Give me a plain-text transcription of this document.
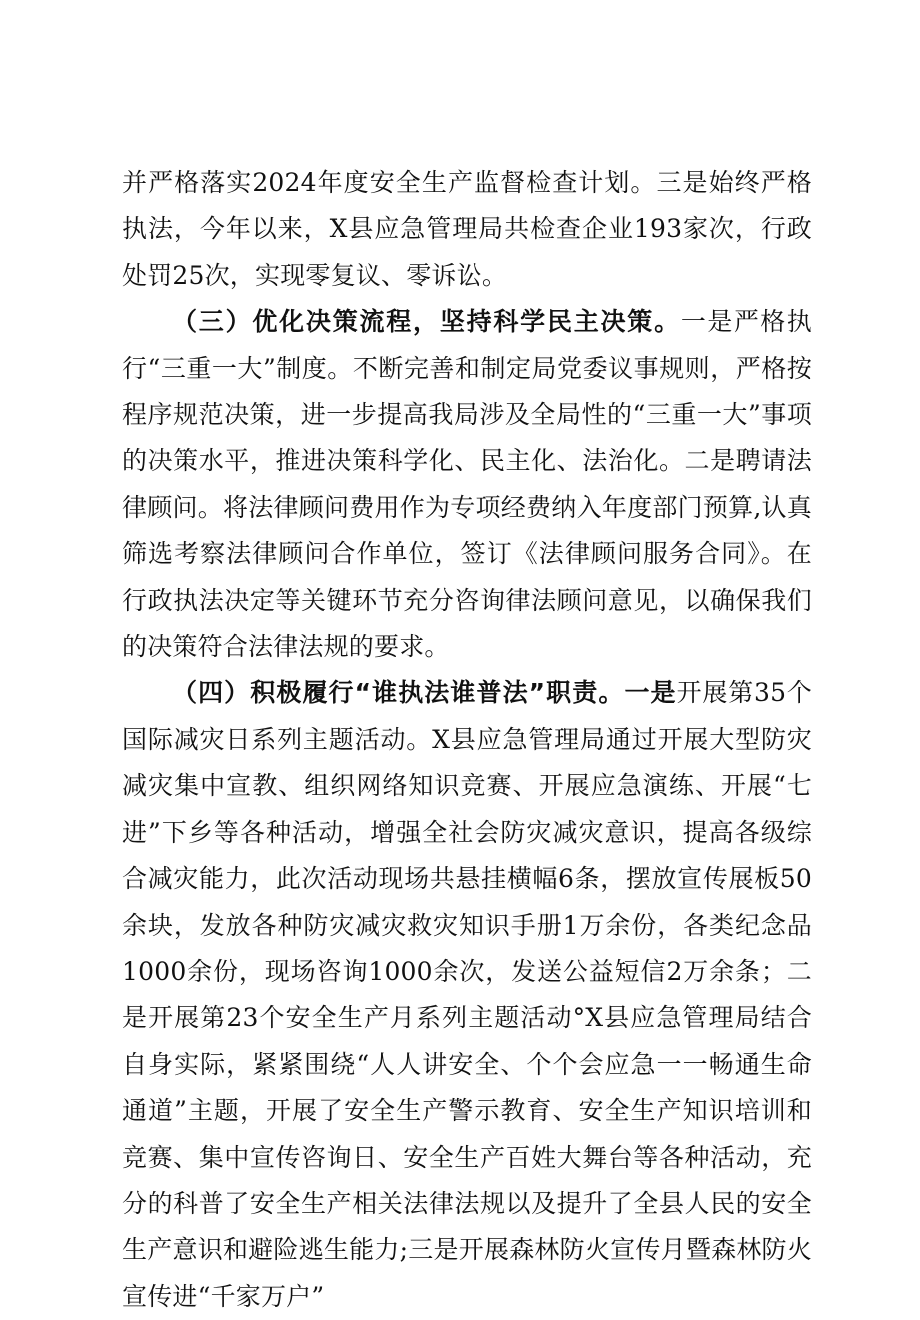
并严格落实2024年度安全生产监督检查计划。三是始终严格执法，今年以来，X县应急管理局共检查企业193家次，行政处罚25次，实现零复议、零诉讼。

（三）优化决策流程，坚持科学民主决策。一是严格执行“三重一大”制度。不断完善和制定局党委议事规则，严格按程序规范决策，进一步提高我局涉及全局性的“三重一大”事项的决策水平，推进决策科学化、民主化、法治化。二是聘请法律顾问。将法律顾问费用作为专项经费纳入年度部门预算,认真筛选考察法律顾问合作单位，签订《法律顾问服务合同》。在行政执法决定等关键环节充分咨询律法顾问意见，以确保我们的决策符合法律法规的要求。

（四）积极履行“谁执法谁普法”职责。一是开展第35个国际减灾日系列主题活动。X县应急管理局通过开展大型防灾减灾集中宣教、组织网络知识竞赛、开展应急演练、开展“七进”下乡等各种活动，增强全社会防灾减灾意识，提高各级综合减灾能力，此次活动现场共悬挂横幅6条，摆放宣传展板50余块，发放各种防灾减灾救灾知识手册1万余份，各类纪念品1000余份，现场咨询1000余次，发送公益短信2万余条；二是开展第23个安全生产月系列主题活动°X县应急管理局结合自身实际，紧紧围绕“人人讲安全、个个会应急一一畅通生命通道”主题，开展了安全生产警示教育、安全生产知识培训和竞赛、集中宣传咨询日、安全生产百姓大舞台等各种活动，充分的科普了安全生产相关法律法规以及提升了全县人民的安全生产意识和避险逃生能力;三是开展森林防火宣传月暨森林防火宣传进“千家万户”
